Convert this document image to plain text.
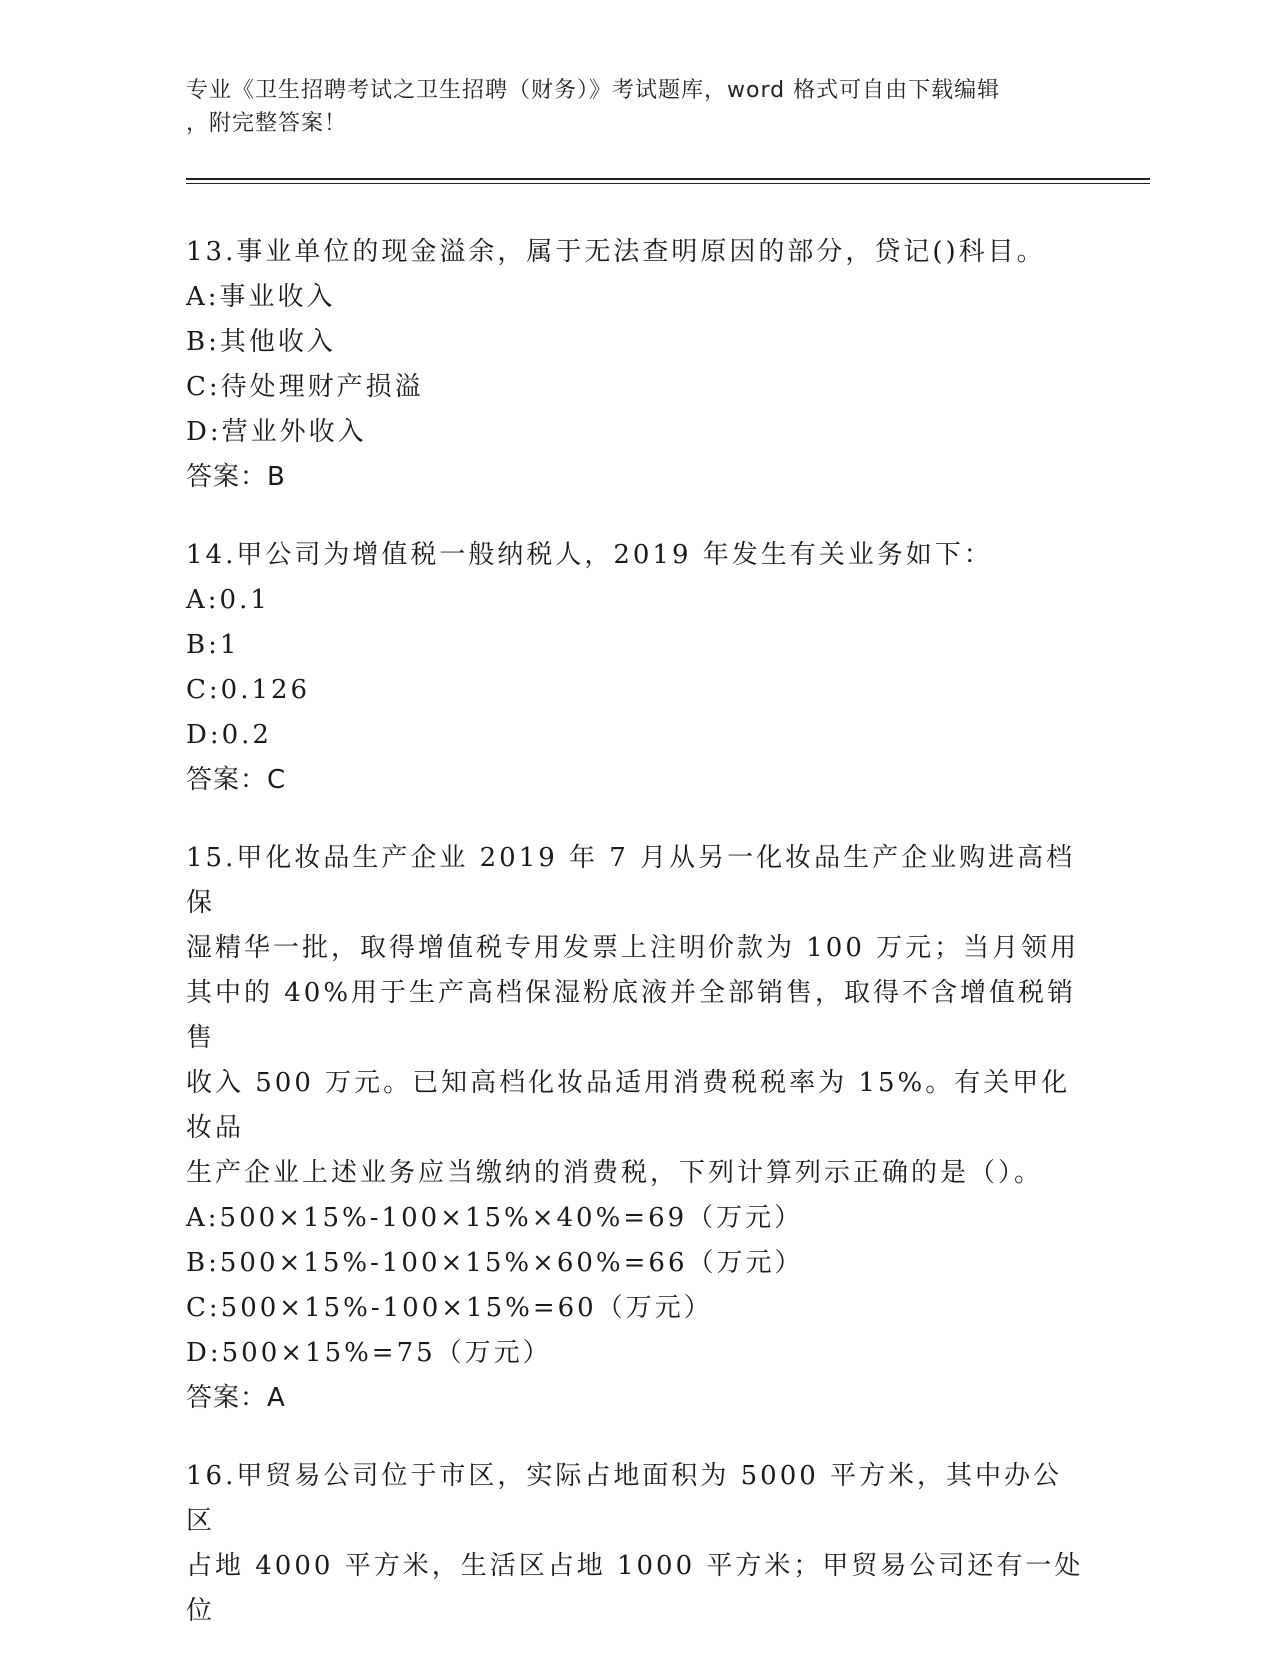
专业《卫生招聘考试之卫生招聘（财务）》考试题库，word 格式可自由下载编辑
，附完整答案！

13.事业单位的现金溢余，属于无法查明原因的部分，贷记()科目。

A:事业收入

B:其他收入

C:待处理财产损溢

D:营业外收入

答案：B

14.甲公司为增值税一般纳税人，2019 年发生有关业务如下：

A:0.1

B:1

C:0.126

D:0.2

答案：C

15.甲化妆品生产企业 2019 年 7 月从另一化妆品生产企业购进高档保

湿精华一批，取得增值税专用发票上注明价款为 100 万元；当月领用

其中的 40%用于生产高档保湿粉底液并全部销售，取得不含增值税销售

收入 500 万元。已知高档化妆品适用消费税税率为 15%。有关甲化妆品

生产企业上述业务应当缴纳的消费税，下列计算列示正确的是（）。

A:500×15%-100×15%×40%=69（万元）

B:500×15%-100×15%×60%=66（万元）

C:500×15%-100×15%=60（万元）

D:500×15%=75（万元）

答案：A

16.甲贸易公司位于市区，实际占地面积为 5000 平方米，其中办公区

占地 4000 平方米，生活区占地 1000 平方米；甲贸易公司还有一处位
